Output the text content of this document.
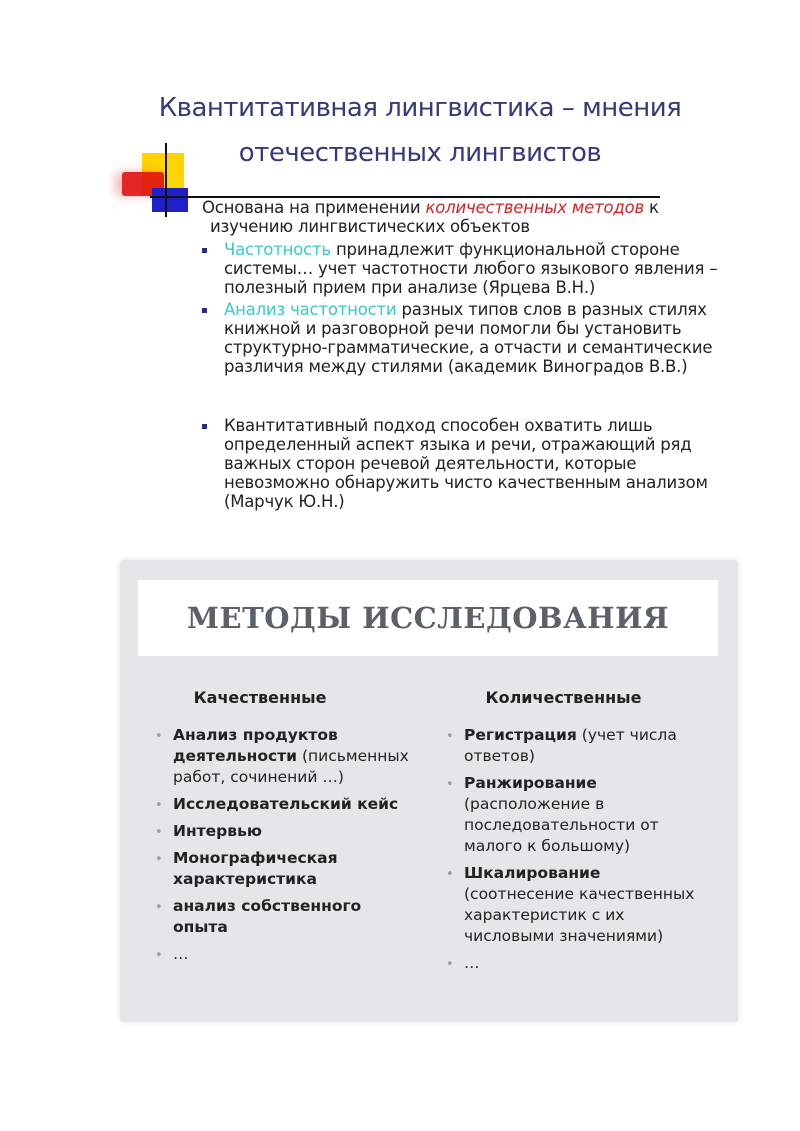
Квантитативная лингвистика – мнения
отечественных лингвистов
Основана на применении количественных методов к
изучению лингвистических объектов
Частотность принадлежит функциональной стороне системы… учет частотности любого языкового явления – полезный прием при анализе (Ярцева В.Н.)
Анализ частотности разных типов слов в разных стилях книжной и разговорной речи помогли бы установить структурно-грамматические, а отчасти и семантические различия между стилями (академик Виноградов В.В.)
Квантитативный подход способен охватить лишь определенный аспект языка и речи, отражающий ряд важных сторон речевой деятельности, которые невозможно обнаружить чисто качественным анализом (Марчук Ю.Н.)
МЕТОДЫ ИССЛЕДОВАНИЯ
Качественные
• Анализ продуктов деятельности (письменных работ, сочинений …)
• Исследовательский кейс
• Интервью
• Монографическая характеристика
• анализ собственного опыта
• …
Количественные
• Регистрация (учет числа ответов)
• Ранжирование (расположение в последовательности от малого к большому)
• Шкалирование (соотнесение качественных характеристик с их числовыми значениями)
• …
